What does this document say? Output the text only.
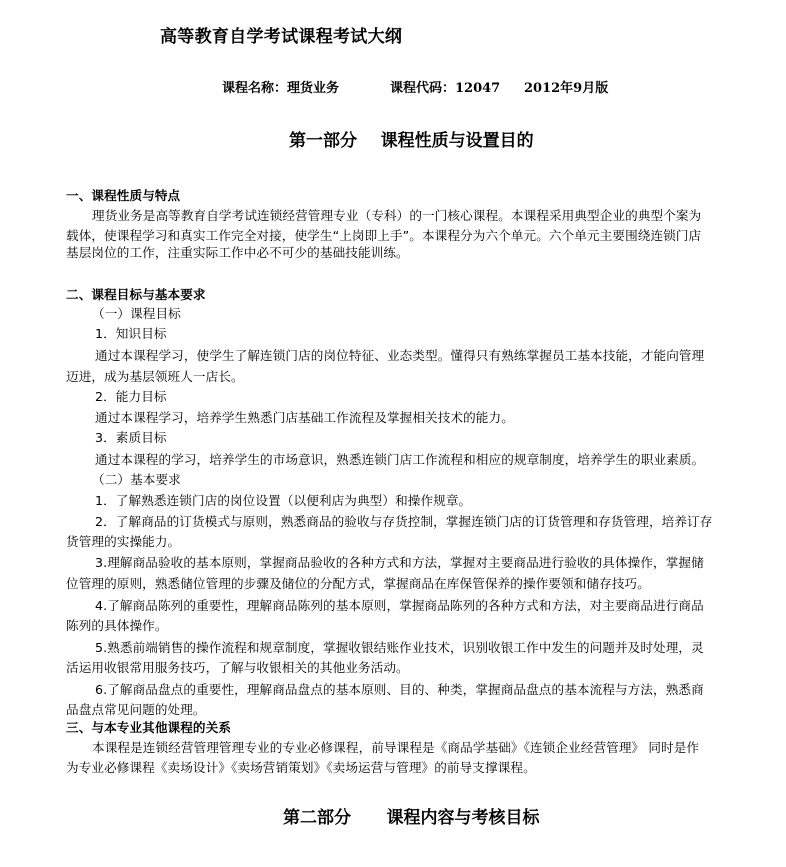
高等教育自学考试课程考试大纲
课程名称：理货业务	课程代码：12047 2012年9月版
第一部分    课程性质与设置目的
一、课程性质与特点
理货业务是高等教育自学考试连锁经营管理专业（专科）的一门核心课程。本课程采用典型企业的典型个案为
载体，使课程学习和真实工作完全对接，使学生“上岗即上手”。本课程分为六个单元。六个单元主要围绕连锁门店
基层岗位的工作，注重实际工作中必不可少的基础技能训练。
二、课程目标与基本要求
（一）课程目标
1．知识目标
通过本课程学习，使学生了解连锁门店的岗位特征、业态类型。懂得只有熟练掌握员工基本技能，才能向管理
迈进，成为基层领班人一店长。
2．能力目标
通过本课程学习，培养学生熟悉门店基础工作流程及掌握相关技术的能力。
3．素质目标
通过本课程的学习，培养学生的市场意识，熟悉连锁门店工作流程和相应的规章制度，培养学生的职业素质。
（二）基本要求
1．了解熟悉连锁门店的岗位设置（以便利店为典型）和操作规章。
2．了解商品的订货模式与原则，熟悉商品的验收与存货控制，掌握连锁门店的订货管理和存货管理，培养订存
货管理的实操能力。
3.理解商品验收的基本原则，掌握商品验收的各种方式和方法，掌握对主要商品进行验收的具体操作，掌握储
位管理的原则，熟悉储位管理的步骤及储位的分配方式，掌握商品在库保管保养的操作要领和储存技巧。
4.了解商品陈列的重要性，理解商品陈列的基本原则，掌握商品陈列的各种方式和方法，对主要商品进行商品
陈列的具体操作。
5.熟悉前端销售的操作流程和规章制度，掌握收银结账作业技术，识别收银工作中发生的问题并及时处理，灵
活运用收银常用服务技巧，了解与收银相关的其他业务活动。
6.了解商品盘点的重要性，理解商品盘点的基本原则、目的、种类，掌握商品盘点的基本流程与方法，熟悉商
品盘点常见问题的处理。
三、与本专业其他课程的关系
本课程是连锁经营管理管理专业的专业必修课程，前导课程是《商品学基础》《连锁企业经营管理》 同时是作
为专业必修课程《卖场设计》《卖场营销策划》《卖场运营与管理》的前导支撑课程。
第二部分      课程内容与考核目标
